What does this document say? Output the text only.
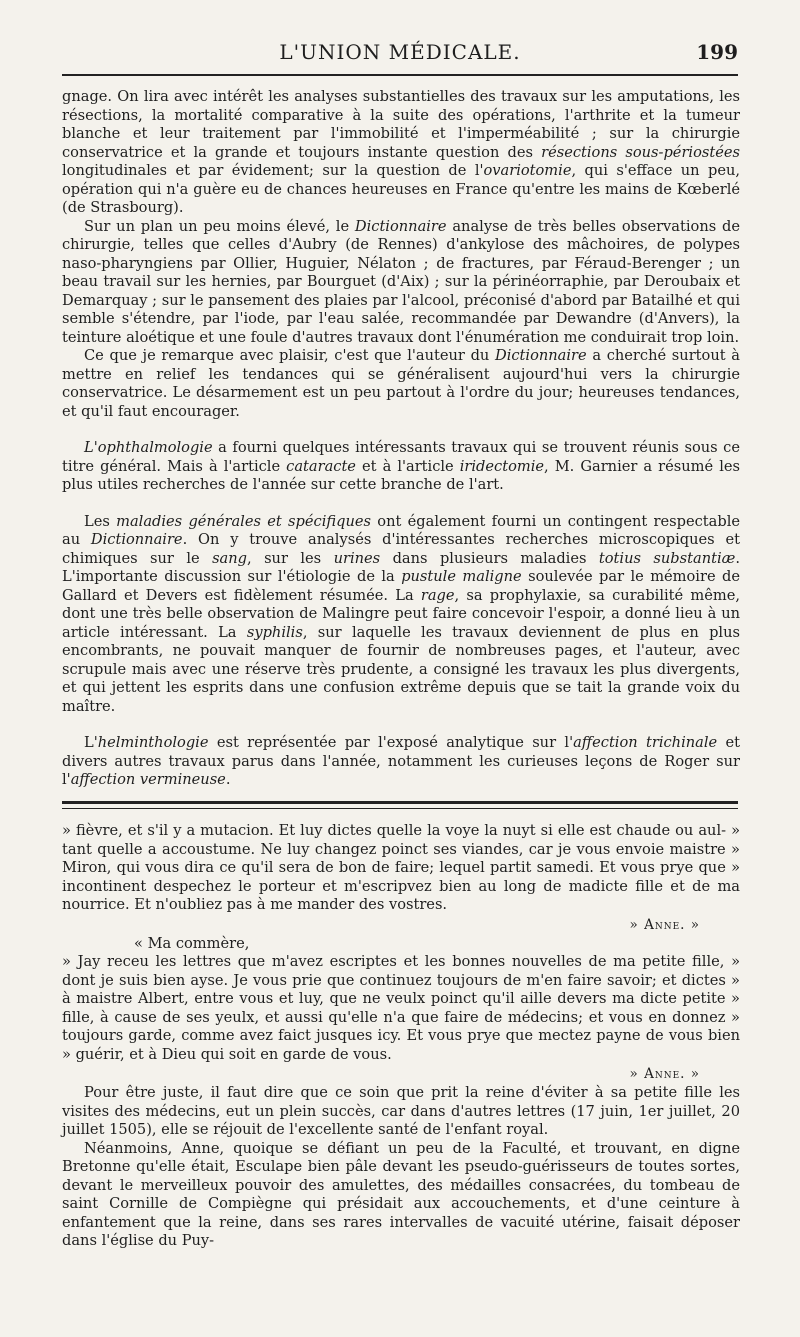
L'UNION MÉDICALE.	199

gnage. On lira avec intérêt les analyses substantielles des travaux sur les amputations, les résections, la mortalité comparative à la suite des opérations, l'arthrite et la tumeur blanche et leur traitement par l'immobilité et l'imperméabilité ; sur la chirurgie conservatrice et la grande et toujours instante question des résections sous-périostées longitudinales et par évidement; sur la question de l'ovariotomie, qui s'efface un peu, opération qui n'a guère eu de chances heureuses en France qu'entre les mains de Kœberlé (de Strasbourg).

Sur un plan un peu moins élevé, le Dictionnaire analyse de très belles observations de chirurgie, telles que celles d'Aubry (de Rennes) d'ankylose des mâchoires, de polypes naso-pharyngiens par Ollier, Huguier, Nélaton ; de fractures, par Féraud-Berenger ; un beau travail sur les hernies, par Bourguet (d'Aix) ; sur la périnéorraphie, par Deroubaix et Demarquay ; sur le pansement des plaies par l'alcool, préconisé d'abord par Batailhé et qui semble s'étendre, par l'iode, par l'eau salée, recommandée par Dewandre (d'Anvers), la teinture aloétique et une foule d'autres travaux dont l'énumération me conduirait trop loin.

Ce que je remarque avec plaisir, c'est que l'auteur du Dictionnaire a cherché surtout à mettre en relief les tendances qui se généralisent aujourd'hui vers la chirurgie conservatrice. Le désarmement est un peu partout à l'ordre du jour; heureuses tendances, et qu'il faut encourager.

L'ophthalmologie a fourni quelques intéressants travaux qui se trouvent réunis sous ce titre général. Mais à l'article cataracte et à l'article iridectomie, M. Garnier a résumé les plus utiles recherches de l'année sur cette branche de l'art.

Les maladies générales et spécifiques ont également fourni un contingent respectable au Dictionnaire. On y trouve analysés d'intéressantes recherches microscopiques et chimiques sur le sang, sur les urines dans plusieurs maladies totius substantiæ. L'importante discussion sur l'étiologie de la pustule maligne soulevée par le mémoire de Gallard et Devers est fidèlement résumée. La rage, sa prophylaxie, sa curabilité même, dont une très belle observation de Malingre peut faire concevoir l'espoir, a donné lieu à un article intéressant. La syphilis, sur laquelle les travaux deviennent de plus en plus encombrants, ne pouvait manquer de fournir de nombreuses pages, et l'auteur, avec scrupule mais avec une réserve très prudente, a consigné les travaux les plus divergents, et qui jettent les esprits dans une confusion extrême depuis que se tait la grande voix du maître.

L'helminthologie est représentée par l'exposé analytique sur l'affection trichinale et divers autres travaux parus dans l'année, notamment les curieuses leçons de Roger sur l'affection vermineuse.

» fièvre, et s'il y a mutacion. Et luy dictes quelle la voye la nuyt si elle est chaude ou aul- » tant quelle a accoustume. Ne luy changez poinct ses viandes, car je vous envoie maistre » Miron, qui vous dira ce qu'il sera de bon de faire; lequel partit samedi. Et vous prye que » incontinent despechez le porteur et m'escripvez bien au long de madicte fille et de ma nourrice. Et n'oubliez pas à me mander des vostres.

» Anne. »
« Ma commère,

» Jay receu les lettres que m'avez escriptes et les bonnes nouvelles de ma petite fille, » dont je suis bien ayse. Je vous prie que continuez toujours de m'en faire savoir; et dictes » à maistre Albert, entre vous et luy, que ne veulx poinct qu'il aille devers ma dicte petite » fille, à cause de ses yeulx, et aussi qu'elle n'a que faire de médecins; et vous en donnez » toujours garde, comme avez faict jusques icy. Et vous prye que mectez payne de vous bien » guérir, et à Dieu qui soit en garde de vous.

» Anne. »

Pour être juste, il faut dire que ce soin que prit la reine d'éviter à sa petite fille les visites des médecins, eut un plein succès, car dans d'autres lettres (17 juin, 1er juillet, 20 juillet 1505), elle se réjouit de l'excellente santé de l'enfant royal.

Néanmoins, Anne, quoique se défiant un peu de la Faculté, et trouvant, en digne Bretonne qu'elle était, Esculape bien pâle devant les pseudo-guérisseurs de toutes sortes, devant le merveilleux pouvoir des amulettes, des médailles consacrées, du tombeau de saint Cornille de Compiègne qui présidait aux accouchements, et d'une ceinture à enfantement que la reine, dans ses rares intervalles de vacuité utérine, faisait déposer dans l'église du Puy-
